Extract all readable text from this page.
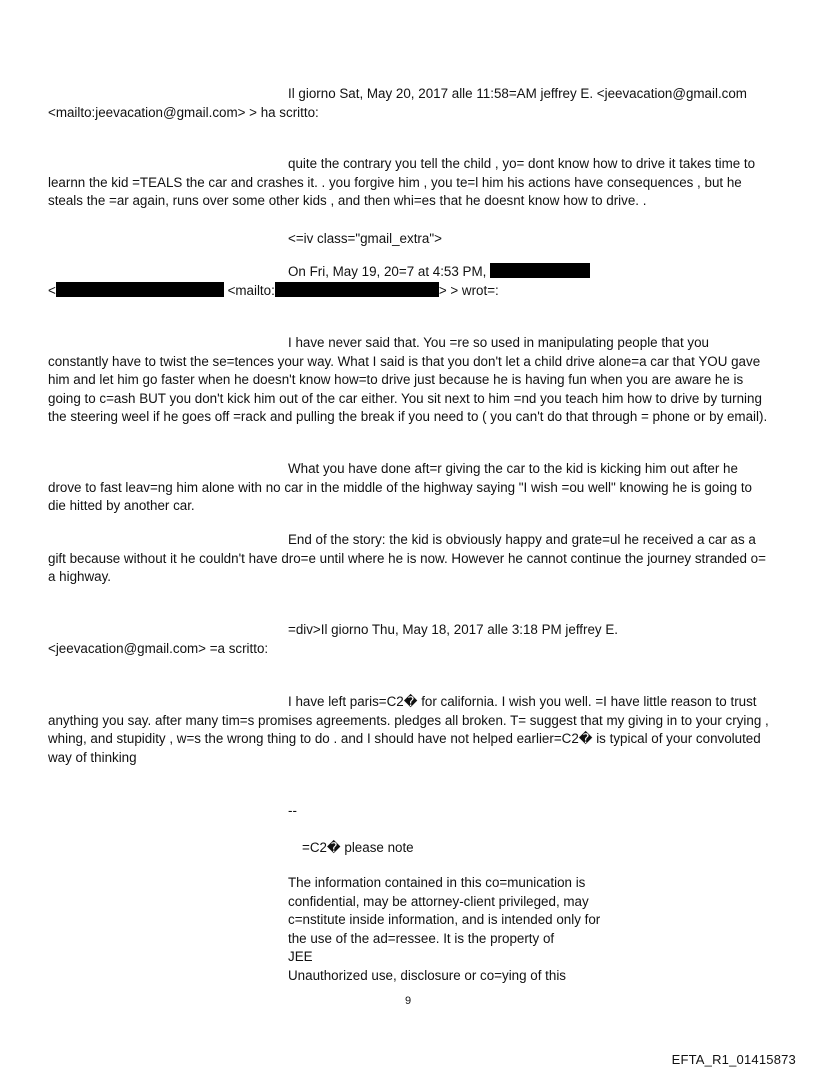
Il giorno Sat, May 20, 2017 alle 11:58=AM jeffrey E. <jeevacation@gmail.com <mailto:jeevacation@gmail.com> > ha scritto:

quite the contrary you tell the child , yo= dont know how to drive it takes time to learnn the kid =TEALS the car and crashes it. . you forgive him , you te=l him his actions have consequences , but he steals the =ar again, runs over some other kids , and then whi=es that he doesnt know how to drive. .

<=iv class="gmail_extra">
On Fri, May 19, 20=7 at 4:53 PM,
<	<mailto:	> > wrot=:

I have never said that. You =re so used in manipulating people that you constantly have to twist the se=tences your way. What I said is that you don't let a child drive alone=a car that YOU gave him and let him go faster when he doesn't know how=to drive just because he is having fun when you are aware he is going to c=ash BUT you don't kick him out of the car either. You sit next to him =nd you teach him how to drive by turning the steering weel if he goes off =rack and pulling the break if you need to ( you can't do that through = phone or by email).

What you have done aft=r giving the car to the kid is kicking him out after he drove to fast leav=ng him alone with no car in the middle of the highway saying "I wish =ou well" knowing he is going to die hitted by another car.

End of the story: the kid is obviously happy and grate=ul he received a car as a gift because without it he couldn't have dro=e until where he is now. However he cannot continue the journey stranded o= a highway.

=div>Il giorno Thu, May 18, 2017 alle 3:18 PM jeffrey E. <jeevacation@gmail.com> =a scritto:

I have left paris=C2� for california. I wish you well. =I have little reason to trust anything you say. after many tim=s promises agreements. pledges all broken. T= suggest that my giving in to your crying , whing, and stupidity , w=s the wrong thing to do . and I should have not helped earlier=C2� is typical of your convoluted way of thinking

--
=C2� please note
The information contained in this co=munication is
confidential, may be attorney-client privileged, may
c=nstitute inside information, and is intended only for
the use of the ad=ressee. It is the property of
JEE
Unauthorized use, disclosure or co=ying of this
9
EFTA_R1_01415873
